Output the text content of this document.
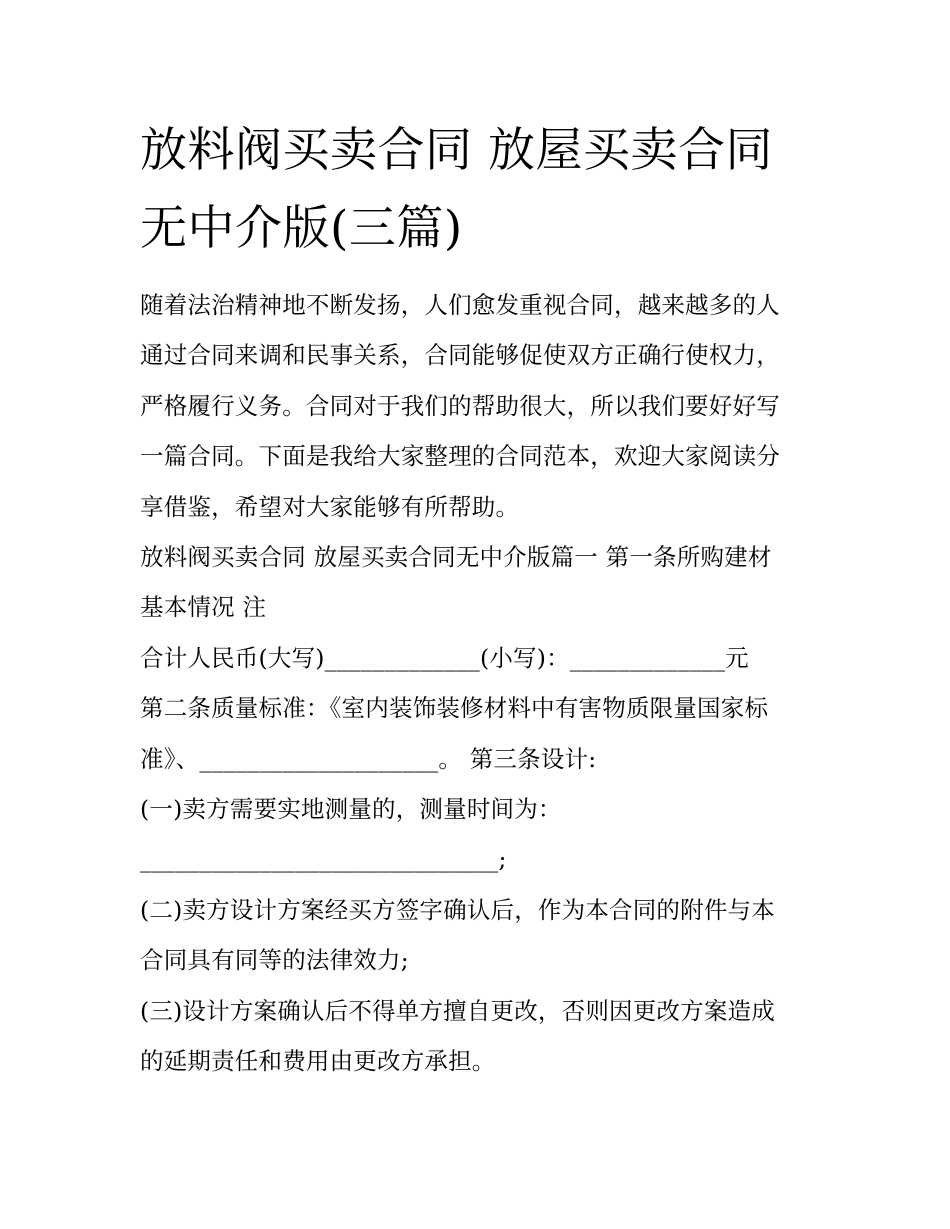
放料阀买卖合同 放屋买卖合同
无中介版(三篇)
随着法治精神地不断发扬，人们愈发重视合同，越来越多的人
通过合同来调和民事关系，合同能够促使双方正确行使权力，
严格履行义务。合同对于我们的帮助很大，所以我们要好好写
一篇合同。下面是我给大家整理的合同范本，欢迎大家阅读分
享借鉴，希望对大家能够有所帮助。
放料阀买卖合同 放屋买卖合同无中介版篇一 第一条所购建材
基本情况 注
合计人民币(大写)_____________(小写)：_____________元
第二条质量标准：《室内装饰装修材料中有害物质限量国家标
准》、____________________。 第三条设计:
(一)卖方需要实地测量的，测量时间为：
______________________________;
(二)卖方设计方案经买方签字确认后，作为本合同的附件与本
合同具有同等的法律效力;
(三)设计方案确认后不得单方擅自更改，否则因更改方案造成
的延期责任和费用由更改方承担。
